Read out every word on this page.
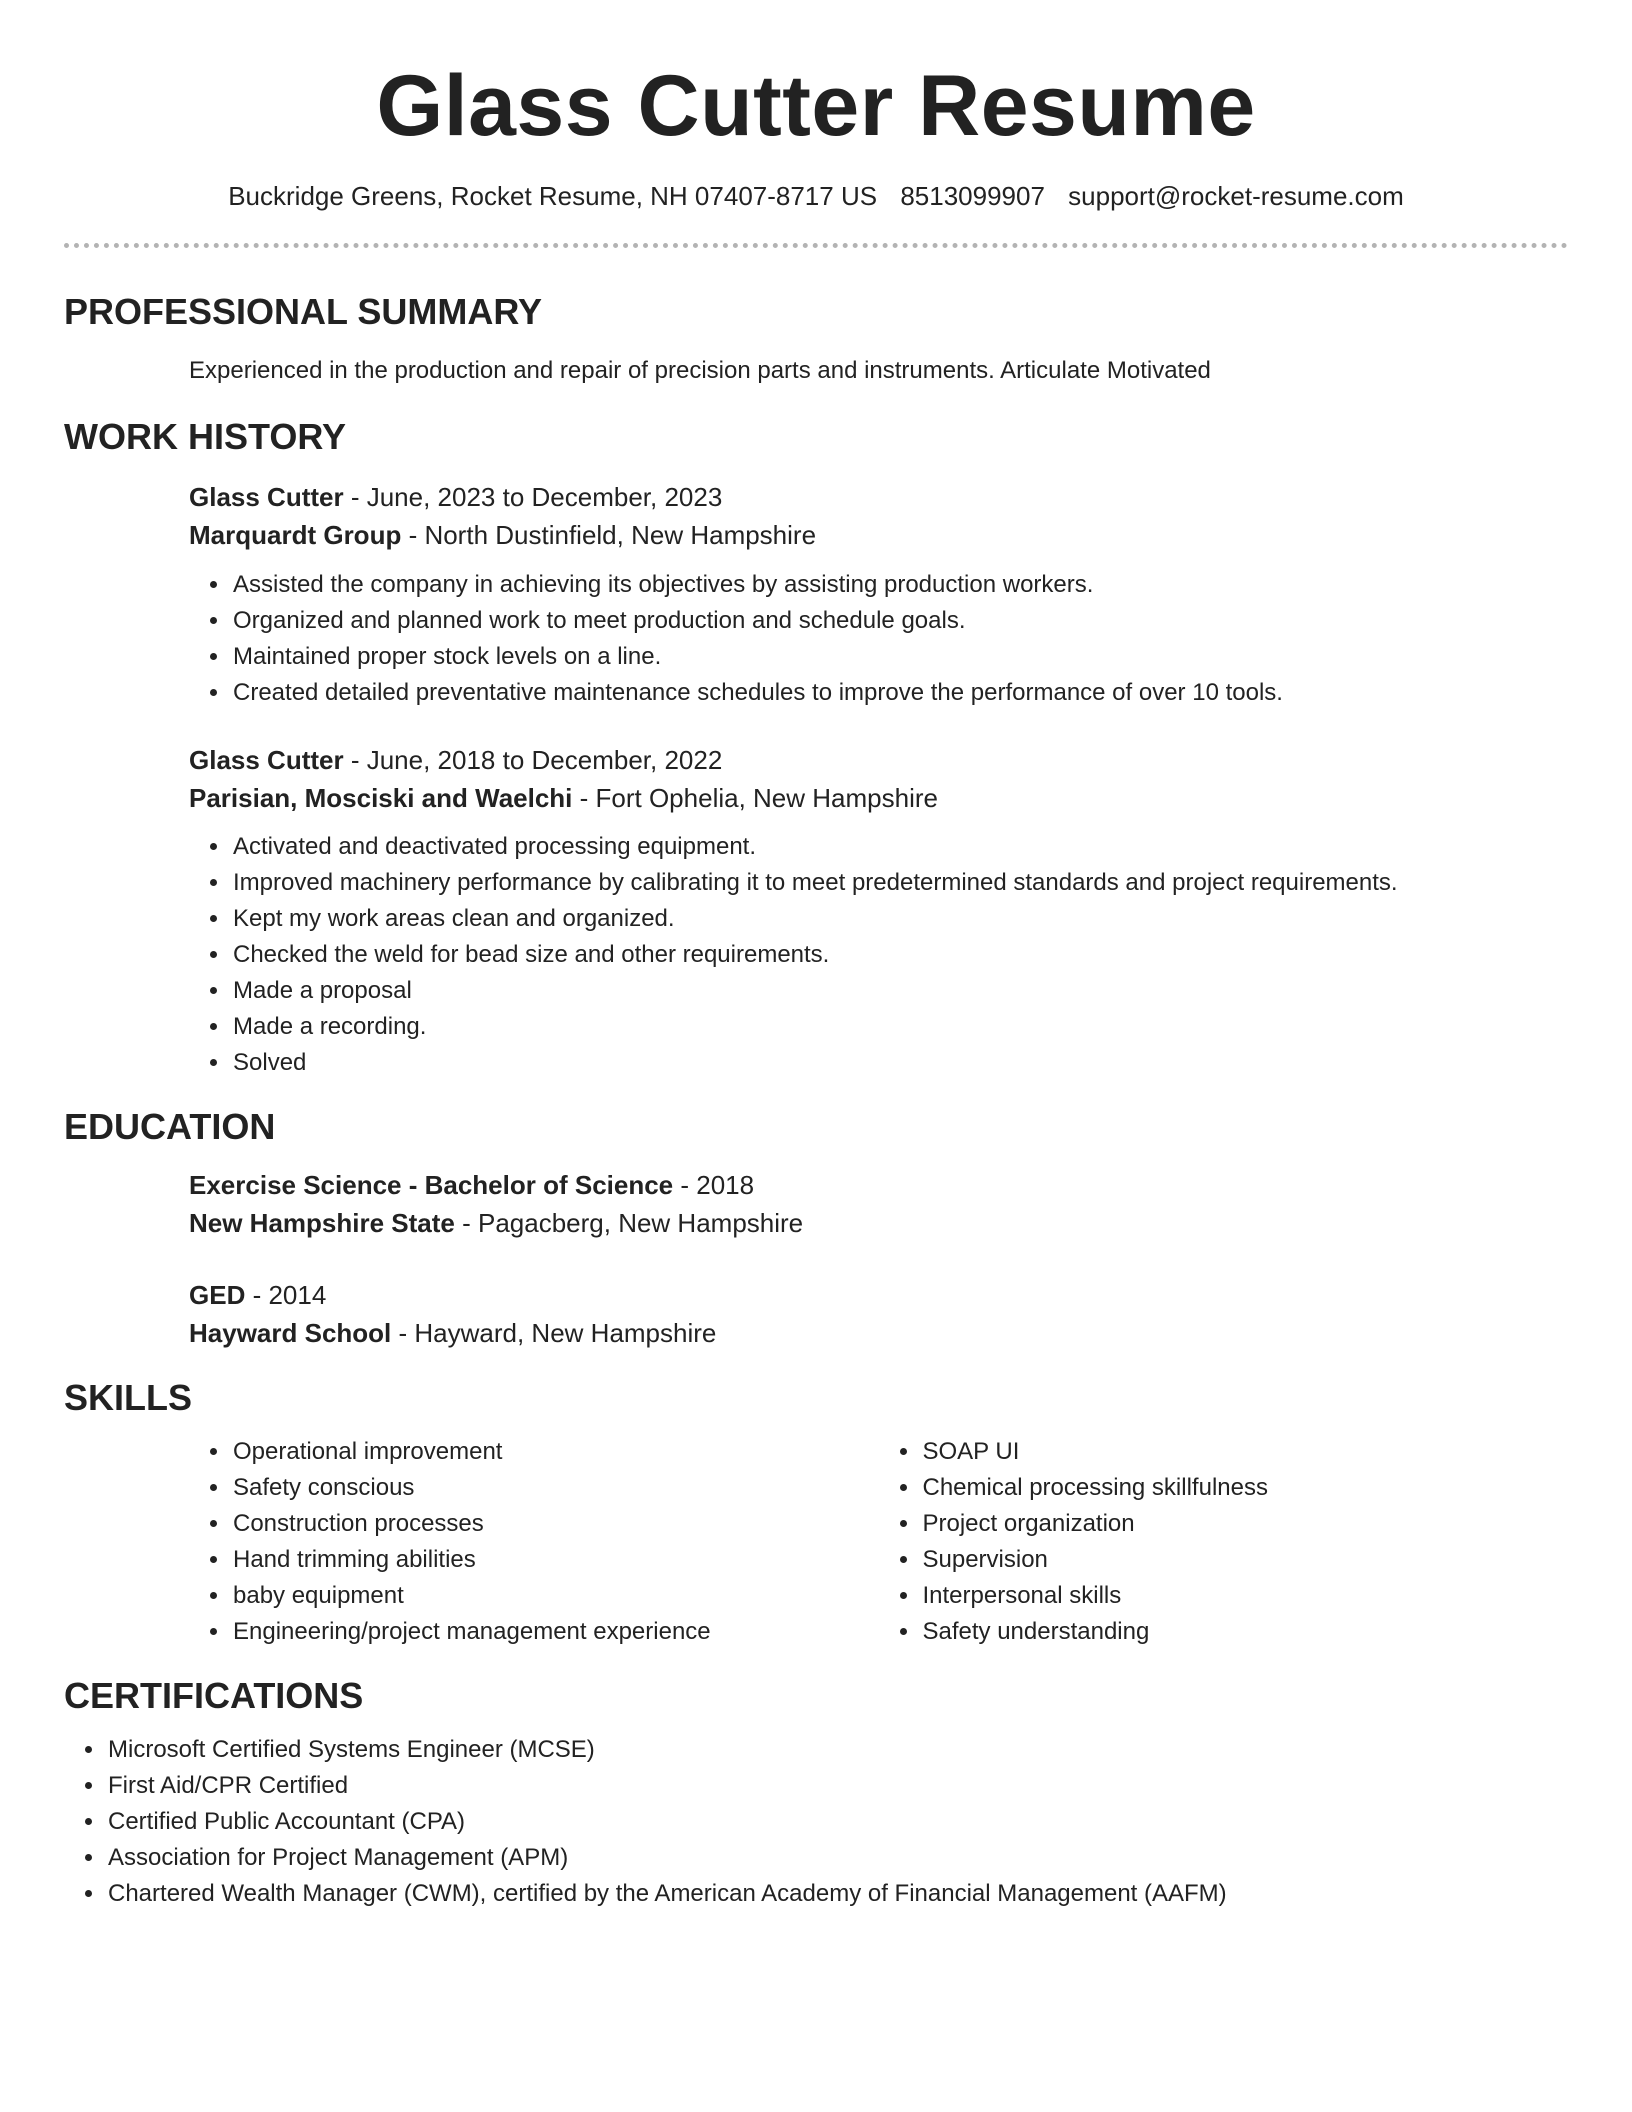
Glass Cutter Resume
Buckridge Greens, Rocket Resume, NH 07407-8717 US 8513099907 support@rocket-resume.com
PROFESSIONAL SUMMARY
Experienced in the production and repair of precision parts and instruments. Articulate Motivated
WORK HISTORY
Glass Cutter - June, 2023 to December, 2023
Marquardt Group - North Dustinfield, New Hampshire
• Assisted the company in achieving its objectives by assisting production workers.
• Organized and planned work to meet production and schedule goals.
• Maintained proper stock levels on a line.
• Created detailed preventative maintenance schedules to improve the performance of over 10 tools.
Glass Cutter - June, 2018 to December, 2022
Parisian, Mosciski and Waelchi - Fort Ophelia, New Hampshire
• Activated and deactivated processing equipment.
• Improved machinery performance by calibrating it to meet predetermined standards and project requirements.
• Kept my work areas clean and organized.
• Checked the weld for bead size and other requirements.
• Made a proposal
• Made a recording.
• Solved
EDUCATION
Exercise Science - Bachelor of Science - 2018
New Hampshire State - Pagacberg, New Hampshire
GED - 2014
Hayward School - Hayward, New Hampshire
SKILLS
• Operational improvement
• Safety conscious
• Construction processes
• Hand trimming abilities
• baby equipment
• Engineering/project management experience
• SOAP UI
• Chemical processing skillfulness
• Project organization
• Supervision
• Interpersonal skills
• Safety understanding
CERTIFICATIONS
• Microsoft Certified Systems Engineer (MCSE)
• First Aid/CPR Certified
• Certified Public Accountant (CPA)
• Association for Project Management (APM)
• Chartered Wealth Manager (CWM), certified by the American Academy of Financial Management (AAFM)
